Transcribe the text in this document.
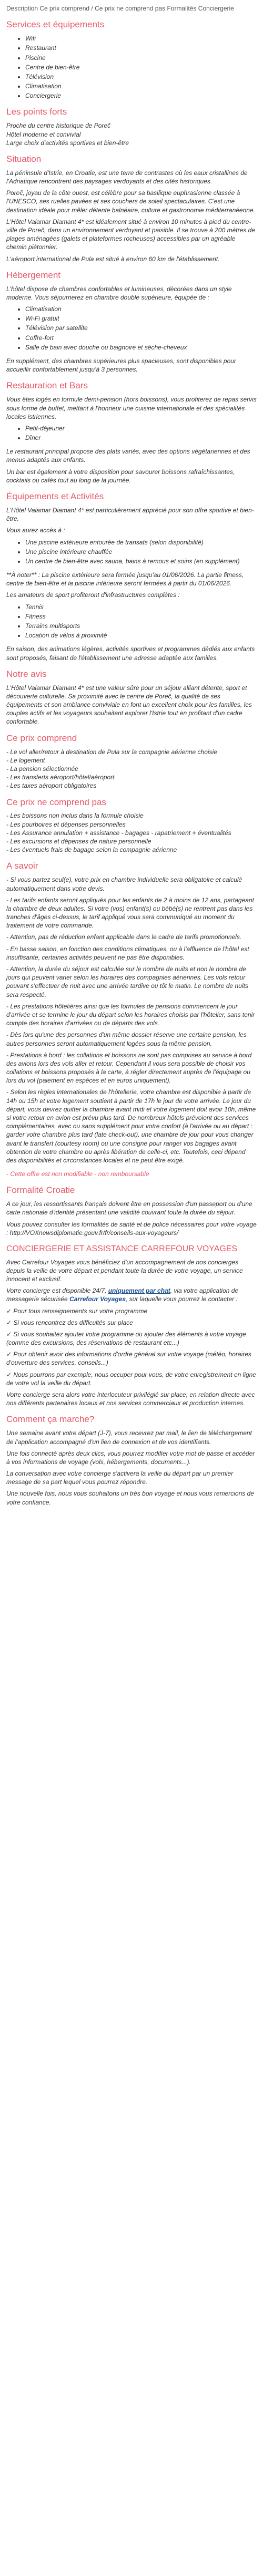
Description Ce prix comprend / Ce prix ne comprend pas Formalités Conciergerie

Services et équipements
• Wifi
• Restaurant
• Piscine
• Centre de bien-être
• Télévision
• Climatisation
• Conciergerie
Les points forts
Proche du centre historique de Poreč
Hôtel moderne et convivial
Large choix d'activités sportives et bien-être
Situation

La péninsule d'Istrie, en Croatie, est une terre de contrastes où les eaux cristallines de l'Adriatique rencontrent des paysages verdoyants et des cités historiques.

Poreč, joyau de la côte ouest, est célèbre pour sa basilique euphrasienne classée à l'UNESCO, ses ruelles pavées et ses couchers de soleil spectaculaires. C'est une destination idéale pour mêler détente balnéaire, culture et gastronomie méditerranéenne.

L'Hôtel Valamar Diamant 4* est idéalement situé à environ 10 minutes à pied du centre-ville de Poreč, dans un environnement verdoyant et paisible. Il se trouve à 200 mètres de plages aménagées (galets et plateformes rocheuses) accessibles par un agréable chemin piétonnier.

L'aéroport international de Pula est situé à environ 60 km de l'établissement.

Hébergement

L'hôtel dispose de chambres confortables et lumineuses, décorées dans un style moderne. Vous séjournerez en chambre double supérieure, équipée de :

• Climatisation
• Wi-Fi gratuit
• Télévision par satellite
• Coffre-fort
• Salle de bain avec douche ou baignoire et sèche-cheveux

En supplément, des chambres supérieures plus spacieuses, sont disponibles pour accueillir confortablement jusqu'à 3 personnes.

Restauration et Bars

Vous êtes logés en formule demi-pension (hors boissons), vous profiterez de repas servis sous forme de buffet, mettant à l'honneur une cuisine internationale et des spécialités locales istriennes.

• Petit-déjeuner
• Dîner

Le restaurant principal propose des plats variés, avec des options végétariennes et des menus adaptés aux enfants.

Un bar est également à votre disposition pour savourer boissons rafraîchissantes, cocktails ou cafés tout au long de la journée.

Équipements et Activités

L'Hôtel Valamar Diamant 4* est particulièrement apprécié pour son offre sportive et bien-être.

Vous aurez accès à :

• Une piscine extérieure entourée de transats (selon disponibilité)
• Une piscine intérieure chauffée
• Un centre de bien-être avec sauna, bains à remous et soins (en supplément)

**À noter** : La piscine extérieure sera fermée jusqu'au 01/06/2026. La partie fitness, centre de bien-être et la piscine intérieure seront fermées à partir du 01/06/2026.

Les amateurs de sport profiteront d'infrastructures complètes :

• Tennis
• Fitness
• Terrains multisports
• Location de vélos à proximité

En saison, des animations légères, activités sportives et programmes dédiés aux enfants sont proposés, faisant de l'établissement une adresse adaptée aux familles.

Notre avis

L'Hôtel Valamar Diamant 4* est une valeur sûre pour un séjour alliant détente, sport et découverte culturelle. Sa proximité avec le centre de Poreč, la qualité de ses équipements et son ambiance conviviale en font un excellent choix pour les familles, les couples actifs et les voyageurs souhaitant explorer l'Istrie tout en profitant d'un cadre confortable.

Ce prix comprend
- Le vol aller/retour à destination de Pula sur la compagnie aérienne choisie
- Le logement
- La pension sélectionnée
- Les transferts aéroport/hôtel/aéroport
- Les taxes aéroport obligatoires
Ce prix ne comprend pas
- Les boissons non inclus dans la formule choisie
- Les pourboires et dépenses personnelles
- Les Assurance annulation + assistance - bagages - rapatriement + éventualités
- Les excursions et dépenses de nature personnelle
- Les éventuels frais de bagage selon la compagnie aérienne
A savoir

- Si vous partez seul(e), votre prix en chambre individuelle sera obligatoire et calculé automatiquement dans votre devis.

- Les tarifs enfants seront appliqués pour les enfants de 2 à moins de 12 ans, partageant la chambre de deux adultes. Si votre (vos) enfant(s) ou bébé(s) ne rentrent pas dans les tranches d'âges ci-dessus, le tarif appliqué vous sera communiqué au moment du traitement de votre commande.

- Attention, pas de réduction enfant applicable dans le cadre de tarifs promotionnels.

- En basse saison, en fonction des conditions climatiques, ou à l'affluence de l'hôtel est insuffisante, certaines activités peuvent ne pas être disponibles.

- Attention, la durée du séjour est calculée sur le nombre de nuits et non le nombre de jours qui peuvent varier selon les horaires des compagnies aériennes. Les vols retour pouvant s'effectuer de nuit avec une arrivée tardive ou tôt le matin. Le nombre de nuits sera respecté.

- Les prestations hôtelières ainsi que les formules de pensions commencent le jour d'arrivée et se termine le jour du départ selon les horaires choisis par l'hôtelier, sans tenir compte des horaires d'arrivées ou de départs des vols.

- Dès lors qu'une des personnes d'un même dossier réserve une certaine pension, les autres personnes seront automatiquement logées sous la même pension.

- Prestations à bord : les collations et boissons ne sont pas comprises au service à bord des avions lors des vols aller et retour. Cependant il vous sera possible de choisir vos collations et boissons proposés à la carte, à régler directement auprès de l'équipage ou lors du vol (paiement en espèces et en euros uniquement).

- Selon les règles internationales de l'hôtellerie, votre chambre est disponible à partir de 14h ou 15h et votre logement soutient à partir de 17h le jour de votre arrivée. Le jour du départ, vous devrez quitter la chambre avant midi et votre logement doit avoir 10h, même si votre retour en avion est prévu plus tard. De nombreux hôtels prévoient des services complémentaires, avec ou sans supplément pour votre confort (à l'arrivée ou au départ : garder votre chambre plus tard (late check-out), une chambre de jour pour vous changer avant le transfert (courtesy room) ou une consigne pour ranger vos bagages avant obtention de votre chambre ou après libération de celle-ci, etc. Toutefois, ceci dépend des disponibilités et circonstances locales et ne peut être exigé.

- Cette offre est non modifiable - non remboursable

Formalité Croatie

A ce jour, les ressortissants français doivent être en possession d'un passeport ou d'une carte nationale d'identité présentant une validité couvrant toute la durée du séjour.

Vous pouvez consulter les formalités de santé et de police nécessaires pour votre voyage : http://VOXnewsdiplomatie.gouv.fr/fr/conseils-aux-voyageurs/

CONCIERGERIE ET ASSISTANCE CARREFOUR VOYAGES

Avec Carrefour Voyages vous bénéficiez d'un accompagnement de nos concierges depuis la veille de votre départ et pendant toute la durée de votre voyage, un service innocent et exclusif.

Votre concierge est disponible 24/7, uniquement par chat, via votre application de messagerie sécurisée Carrefour Voyages, sur laquelle vous pourrez le contacter :

✓ Pour tous renseignements sur votre programme

✓ Si vous rencontrez des difficultés sur place

✓ Si vous souhaitez ajouter votre programme ou ajouter des éléments à votre voyage (comme des excursions, des réservations de restaurant etc...)

✓ Pour obtenir avoir des informations d'ordre général sur votre voyage (météo, horaires d'ouverture des services, conseils...)

✓ Nous pourrons par exemple, nous occuper pour vous, de votre enregistrement en ligne de votre vol la veille du départ.

Votre concierge sera alors votre interlocuteur privilégié sur place, en relation directe avec nos différents partenaires locaux et nos services commerciaux et production internes.

Comment ça marche?

Une semaine avant votre départ (J-7), vous recevrez par mail, le lien de téléchargement de l'application accompagné d'un lien de connexion et de vos identifiants.

Une fois connecté après deux clics, vous pourrez modifier votre mot de passe et accéder à vos informations de voyage (vols, hébergements, documents...).

La conversation avec votre concierge s'activera la veille du départ par un premier message de sa part lequel vous pourrez répondre.

Une nouvelle fois, nous vous souhaitons un très bon voyage et nous vous remercions de votre confiance.
